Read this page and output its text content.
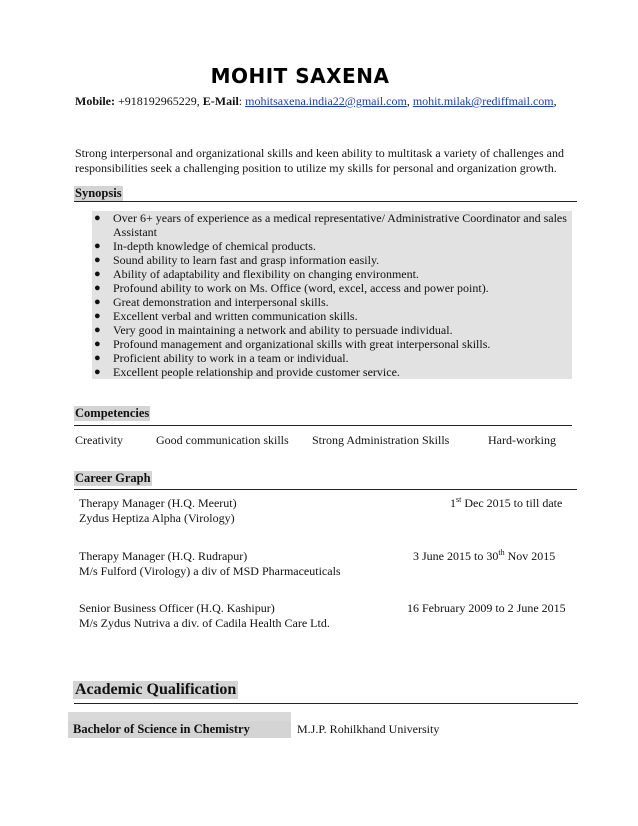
MOHIT SAXENA
Mobile: +918192965229, E-Mail: mohitsaxena.india22@gmail.com, mohit.milak@rediffmail.com,
Strong interpersonal and organizational skills and keen ability to multitask a variety of challenges and responsibilities seek a challenging position to utilize my skills for personal and organization growth.
Synopsis
● Over 6+ years of experience as a medical representative/ Administrative Coordinator and sales Assistant
● In-depth knowledge of chemical products.
● Sound ability to learn fast and grasp information easily.
● Ability of adaptability and flexibility on changing environment.
● Profound ability to work on Ms. Office (word, excel, access and power point).
● Great demonstration and interpersonal skills.
● Excellent verbal and written communication skills.
● Very good in maintaining a network and ability to persuade individual.
● Profound management and organizational skills with great interpersonal skills.
● Proficient ability to work in a team or individual.
● Excellent people relationship and provide customer service.
Competencies
Creativity	Good communication skills Strong Administration Skills	Hard-working
Career Graph
Therapy Manager (H.Q. Meerut)
Zydus Heptiza Alpha (Virology)
1st Dec 2015 to till date
Therapy Manager (H.Q. Rudrapur)
M/s Fulford (Virology) a div of MSD Pharmaceuticals
3 June 2015 to 30th Nov 2015
Senior Business Officer (H.Q. Kashipur)
M/s Zydus Nutriva a div. of Cadila Health Care Ltd.
16 February 2009 to 2 June 2015
Academic Qualification
Bachelor of Science in Chemistry	M.J.P. Rohilkhand University
